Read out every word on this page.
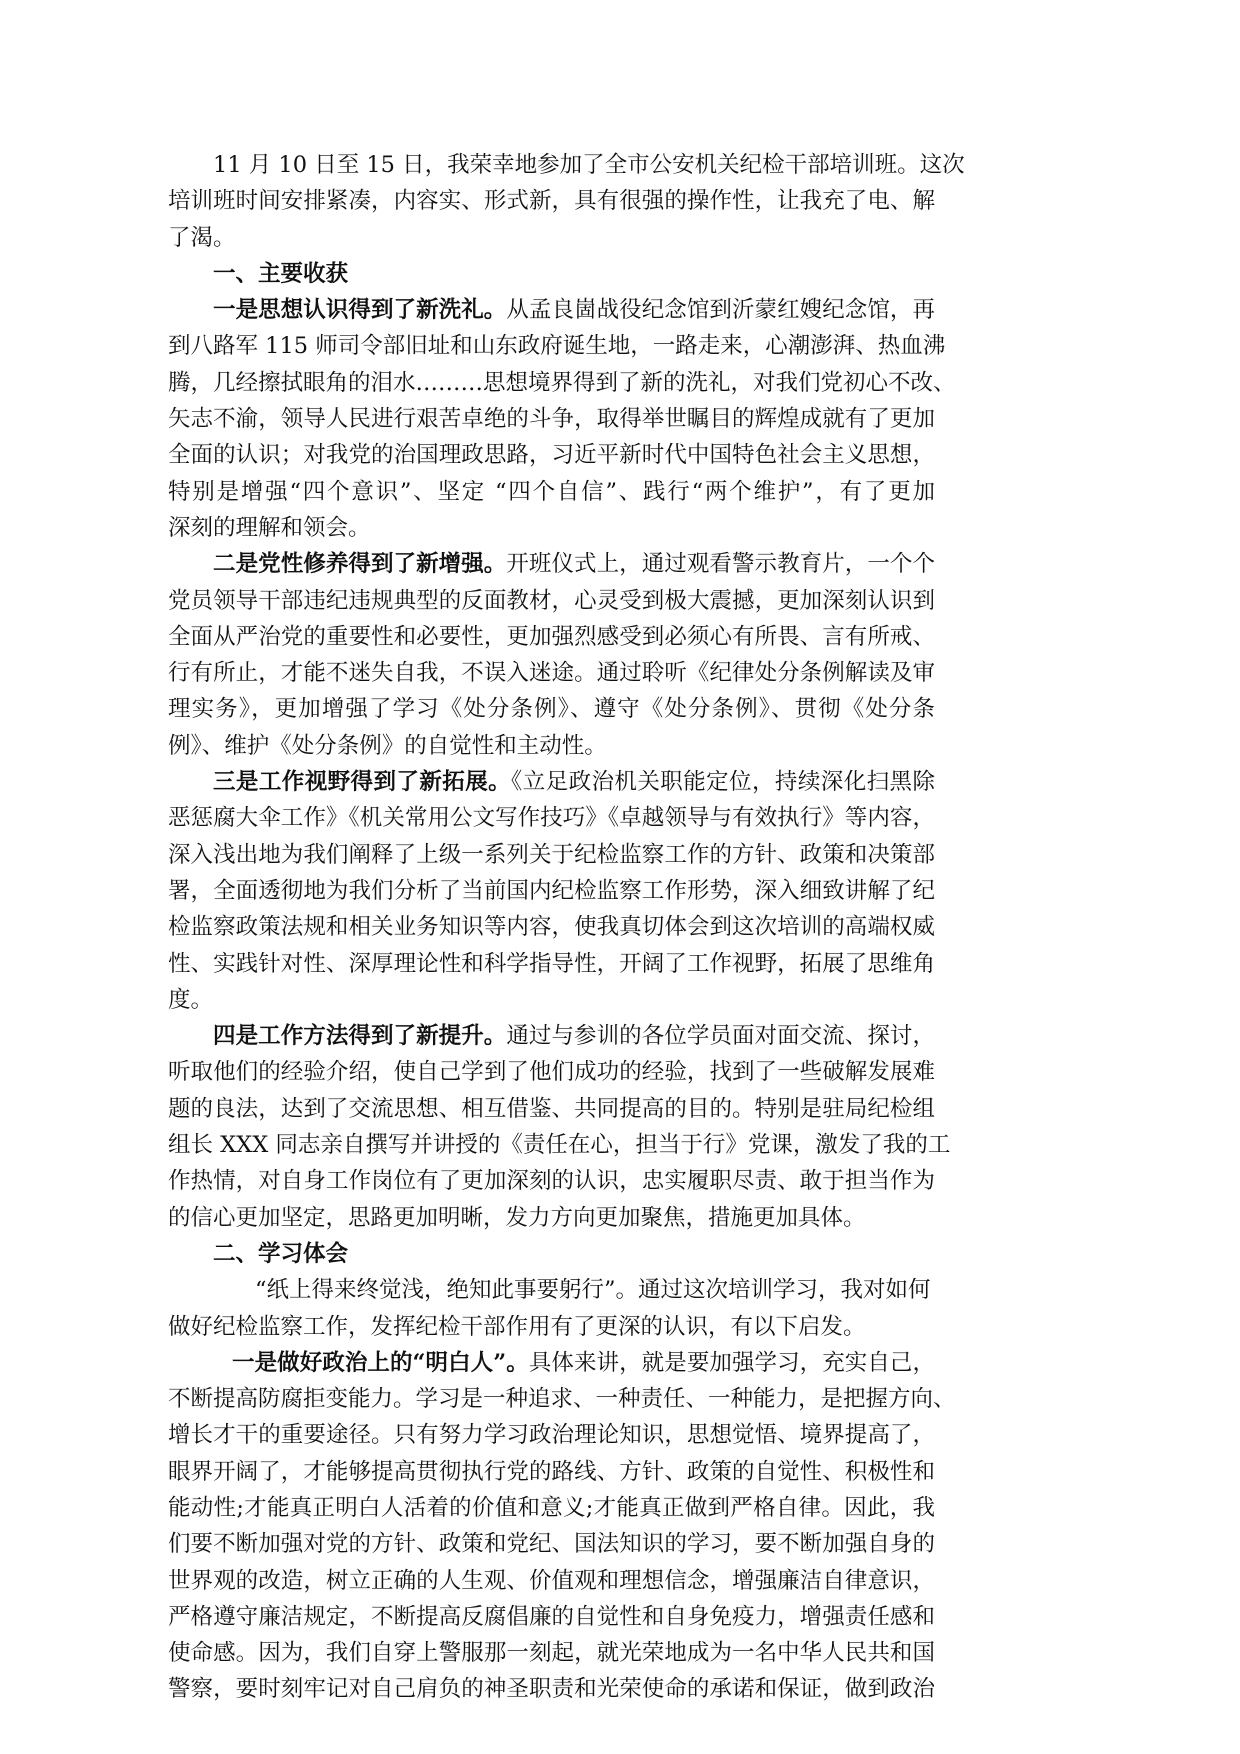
11 月 10 日至 15 日，我荣幸地参加了全市公安机关纪检干部培训班。这次
培训班时间安排紧凑，内容实、形式新，具有很强的操作性，让我充了电、解
了渴。
一、主要收获
一是思想认识得到了新洗礼。从孟良崮战役纪念馆到沂蒙红嫂纪念馆，再
到八路军 115 师司令部旧址和山东政府诞生地，一路走来，心潮澎湃、热血沸
腾，几经擦拭眼角的泪水………思想境界得到了新的洗礼，对我们党初心不改、
矢志不渝，领导人民进行艰苦卓绝的斗争，取得举世瞩目的辉煌成就有了更加
全面的认识；对我党的治国理政思路，习近平新时代中国特色社会主义思想，
特别是增强“四个意识”、坚定 “四个自信”、践行“两个维护”，有了更加
深刻的理解和领会。
二是党性修养得到了新增强。开班仪式上，通过观看警示教育片，一个个
党员领导干部违纪违规典型的反面教材，心灵受到极大震撼，更加深刻认识到
全面从严治党的重要性和必要性，更加强烈感受到必须心有所畏、言有所戒、
行有所止，才能不迷失自我，不误入迷途。通过聆听《纪律处分条例解读及审
理实务》，更加增强了学习《处分条例》、遵守《处分条例》、贯彻《处分条
例》、维护《处分条例》的自觉性和主动性。
三是工作视野得到了新拓展。《立足政治机关职能定位，持续深化扫黑除
恶惩腐大伞工作》《机关常用公文写作技巧》《卓越领导与有效执行》等内容，
深入浅出地为我们阐释了上级一系列关于纪检监察工作的方针、政策和决策部
署，全面透彻地为我们分析了当前国内纪检监察工作形势，深入细致讲解了纪
检监察政策法规和相关业务知识等内容，使我真切体会到这次培训的高端权威
性、实践针对性、深厚理论性和科学指导性，开阔了工作视野，拓展了思维角
度。
四是工作方法得到了新提升。通过与参训的各位学员面对面交流、探讨，
听取他们的经验介绍，使自己学到了他们成功的经验，找到了一些破解发展难
题的良法，达到了交流思想、相互借鉴、共同提高的目的。特别是驻局纪检组
组长 XXX 同志亲自撰写并讲授的《责任在心，担当于行》党课，激发了我的工
作热情，对自身工作岗位有了更加深刻的认识，忠实履职尽责、敢于担当作为
的信心更加坚定，思路更加明晰，发力方向更加聚焦，措施更加具体。
二、学习体会
“纸上得来终觉浅，绝知此事要躬行”。通过这次培训学习，我对如何
做好纪检监察工作，发挥纪检干部作用有了更深的认识，有以下启发。
一是做好政治上的“明白人”。具体来讲，就是要加强学习，充实自己，
不断提高防腐拒变能力。学习是一种追求、一种责任、一种能力，是把握方向、
增长才干的重要途径。只有努力学习政治理论知识，思想觉悟、境界提高了，
眼界开阔了，才能够提高贯彻执行党的路线、方针、政策的自觉性、积极性和
能动性;才能真正明白人活着的价值和意义;才能真正做到严格自律。因此，我
们要不断加强对党的方针、政策和党纪、国法知识的学习，要不断加强自身的
世界观的改造，树立正确的人生观、价值观和理想信念，增强廉洁自律意识，
严格遵守廉洁规定，不断提高反腐倡廉的自觉性和自身免疫力，增强责任感和
使命感。因为，我们自穿上警服那一刻起，就光荣地成为一名中华人民共和国
警察，要时刻牢记对自己肩负的神圣职责和光荣使命的承诺和保证，做到政治
